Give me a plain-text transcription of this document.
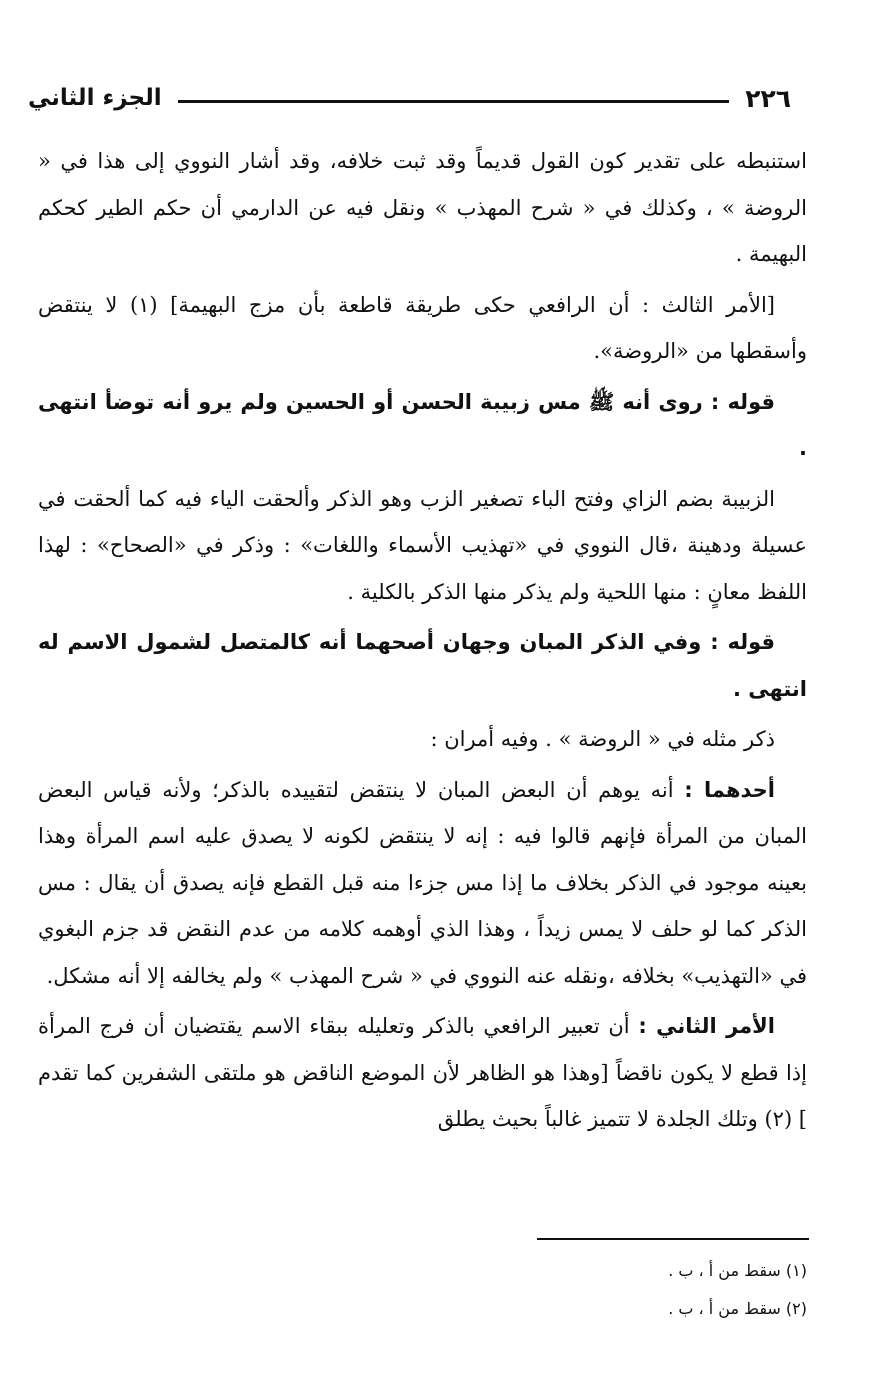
٢٢٦
الجزء الثاني

استنبطه على تقدير كون القول قديماً وقد ثبت خلافه، وقد أشار النووي إلى هذا في « الروضة » ، وكذلك في « شرح المهذب » ونقل فيه عن الدارمي أن حكم الطير كحكم البهيمة .

[الأمر الثالث : أن الرافعي حكى طريقة قاطعة بأن مزج البهيمة] (١) لا ينتقض وأسقطها من «الروضة».

قوله : روى أنه ﷺ مس زبيبة الحسن أو الحسين ولم يرو أنه توضأ انتهى .

الزبيبة بضم الزاي وفتح الباء تصغير الزب وهو الذكر وألحقت الياء فيه كما ألحقت في عسيلة ودهينة ،قال النووي في «تهذيب الأسماء واللغات» : وذكر في «الصحاح» : لهذا اللفظ معانٍ : منها اللحية ولم يذكر منها الذكر بالكلية .

قوله : وفي الذكر المبان وجهان أصحهما أنه كالمتصل لشمول الاسم له انتهى .

ذكر مثله في « الروضة » . وفيه أمران :

أحدهما : أنه يوهم أن البعض المبان لا ينتقض لتقييده بالذكر؛ ولأنه قياس البعض المبان من المرأة فإنهم قالوا فيه : إنه لا ينتقض لكونه لا يصدق عليه اسم المرأة وهذا بعينه موجود في الذكر بخلاف ما إذا مس جزءا منه قبل القطع فإنه يصدق أن يقال : مس الذكر كما لو حلف لا يمس زيداً ، وهذا الذي أوهمه كلامه من عدم النقض قد جزم البغوي في «التهذيب» بخلافه ،ونقله عنه النووي في « شرح المهذب » ولم يخالفه إلا أنه مشكل.

الأمر الثاني : أن تعبير الرافعي بالذكر وتعليله ببقاء الاسم يقتضيان أن فرج المرأة إذا قطع لا يكون ناقضاً [وهذا هو الظاهر لأن الموضع الناقض هو ملتقى الشفرين كما تقدم ] (٢) وتلك الجلدة لا تتميز غالباً بحيث يطلق

(١) سقط من أ ، ب .
(٢) سقط من أ ، ب .
